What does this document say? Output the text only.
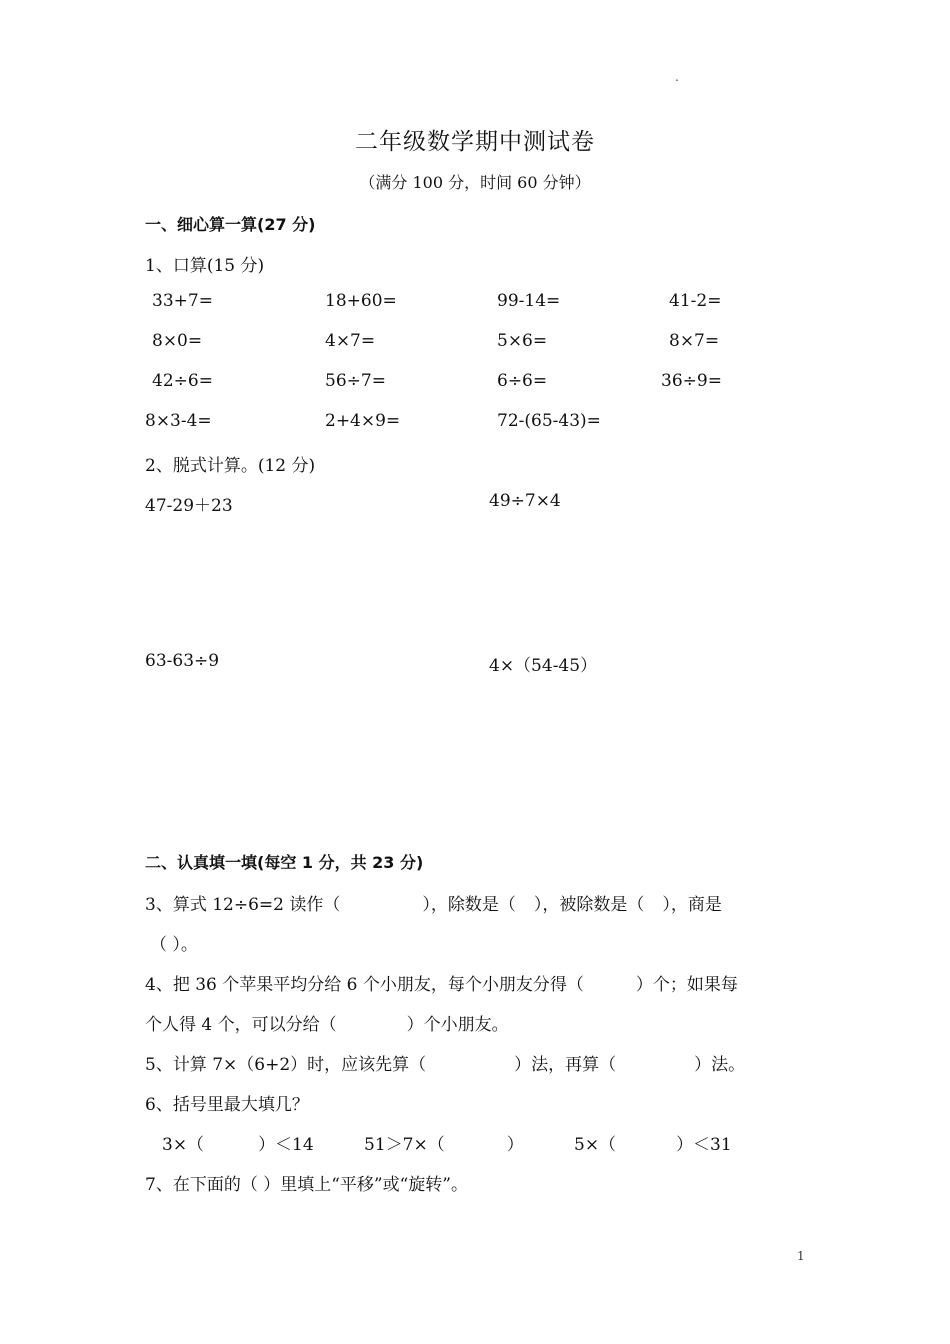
.
二年级数学期中测试卷
（满分 100 分，时间 60 分钟）
一、细心算一算(27 分)
1、口算(15 分)
33+7=	18+60=	99-14=	41-2=
8×0=	4×7=	5×6=	8×7=
42÷6=	56÷7=	6÷6=	36÷9=
8×3-4=	2+4×9=	72-(65-43)=
2、脱式计算。(12 分)
47-29＋23	49÷7×4
63-63÷9	4×（54-45）
二、认真填一填(每空 1 分，共 23 分)
3、算式 12÷6=2 读作（	），除数是（ ），被除数是（ ），商是
（ ）。
4、把 36 个苹果平均分给 6 个小朋友，每个小朋友分得（	）个；如果每
个人得 4 个，可以分给（	）个小朋友。
5、计算 7×（6+2）时，应该先算（	）法，再算（	）法。
6、括号里最大填几？
3×（	）＜14	51＞7×（	）	5×（	）＜31
7、在下面的（ ）里填上“平移”或“旋转”。
1
